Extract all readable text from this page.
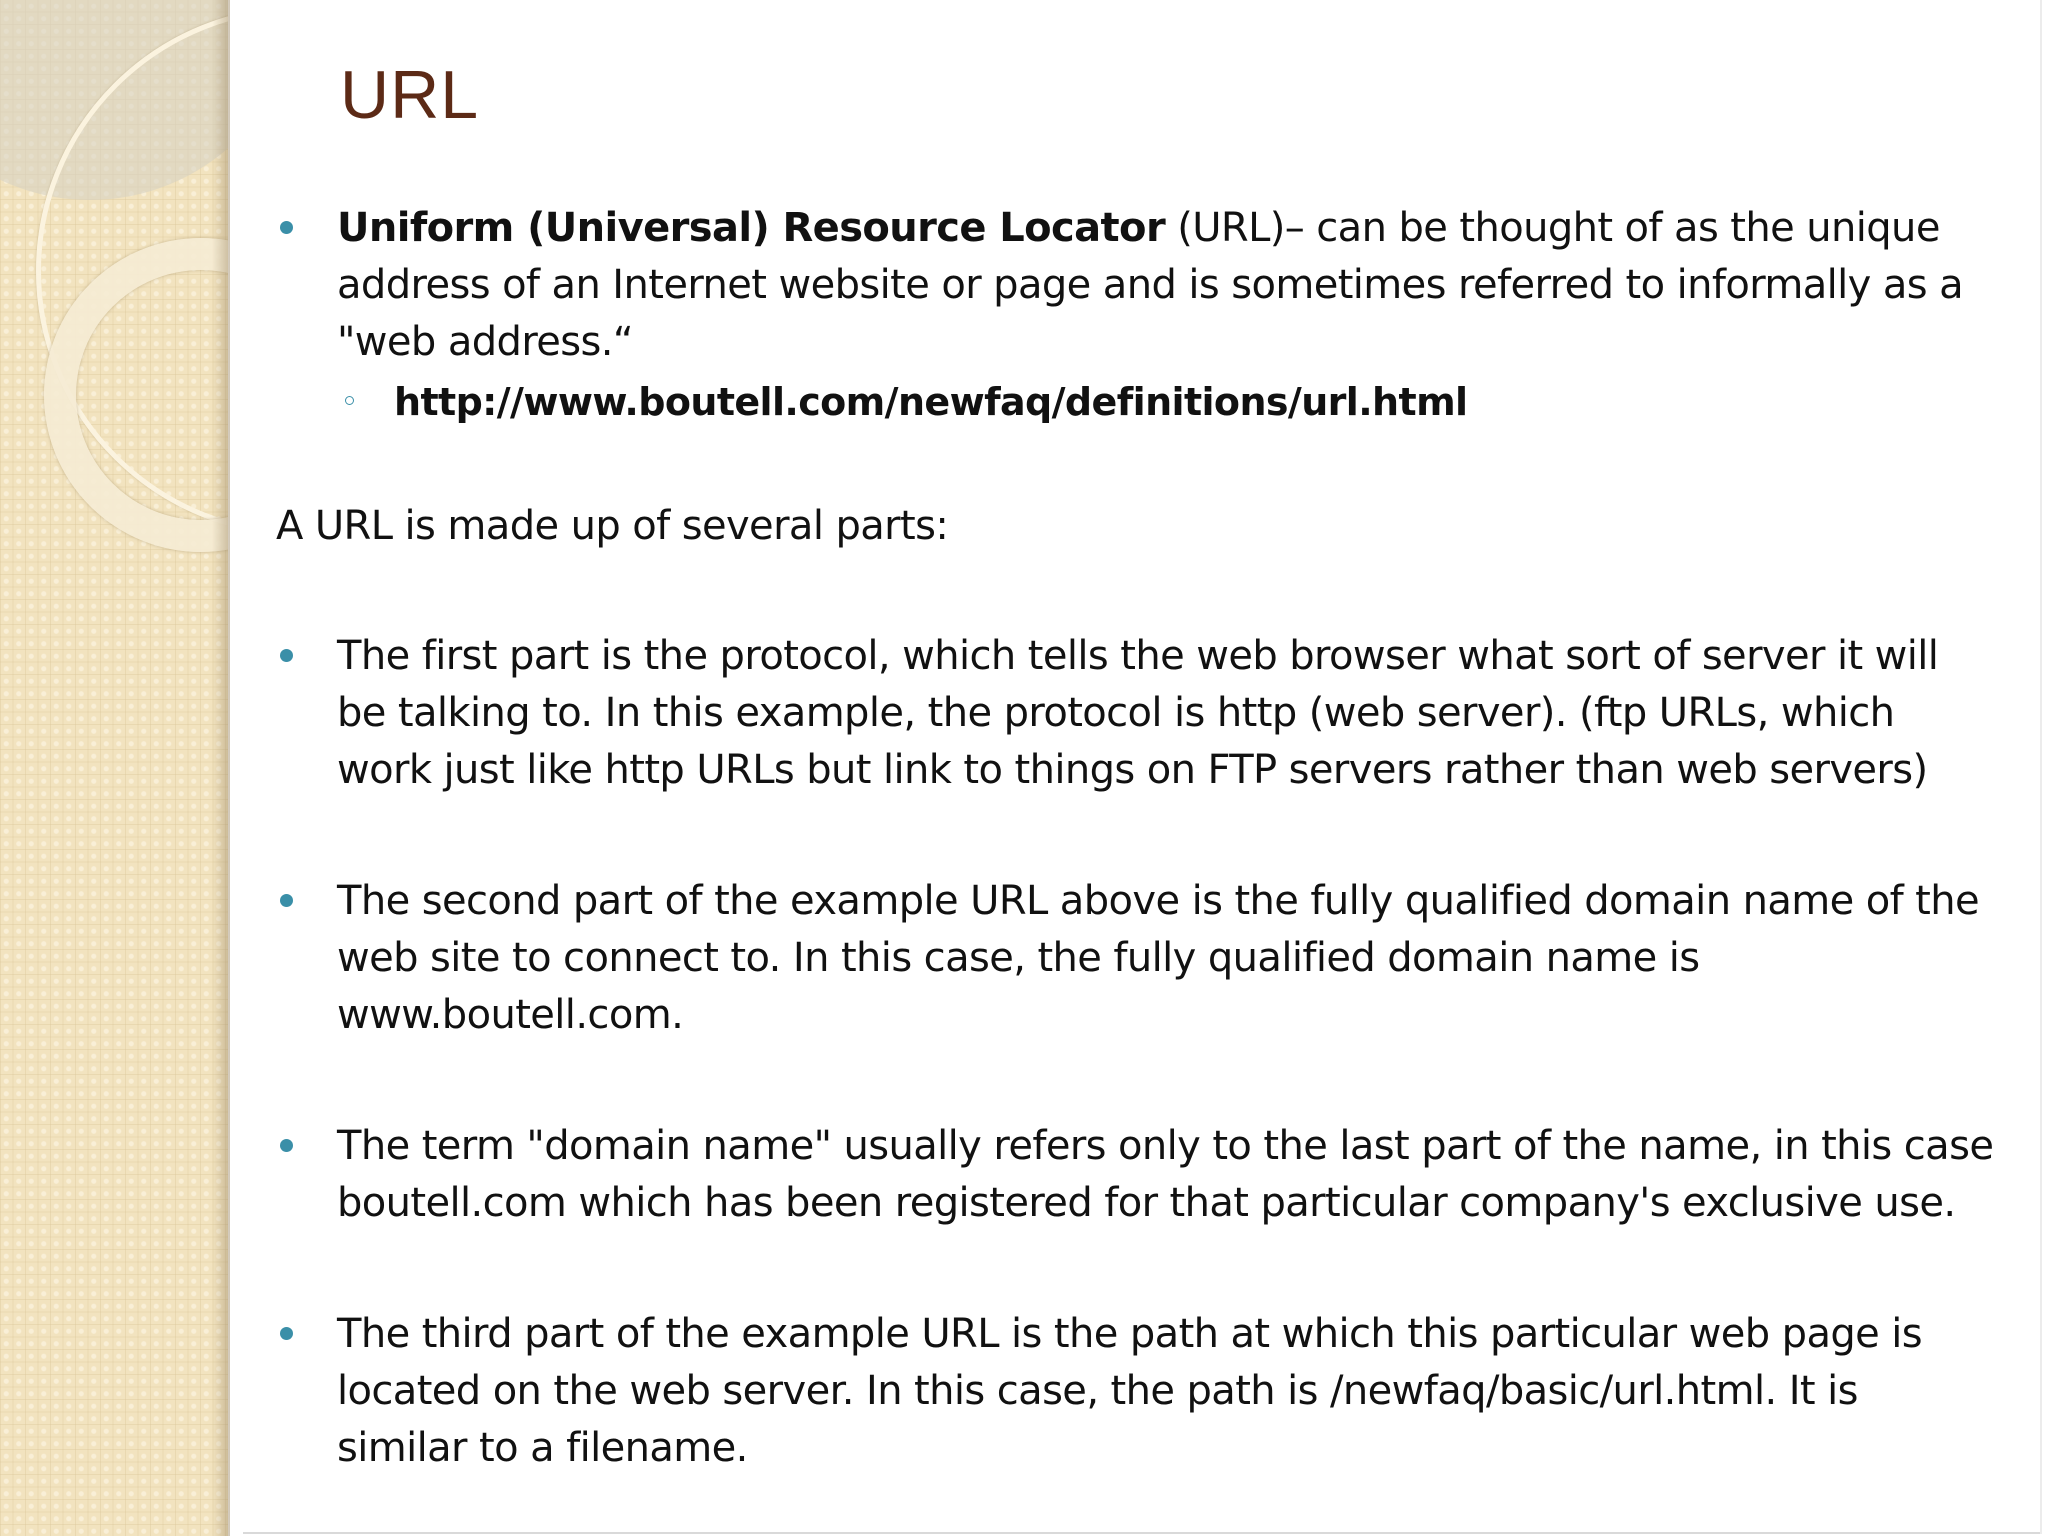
URL
Uniform (Universal) Resource Locator (URL)– can be thought of as the unique address of an Internet website or page and is sometimes referred to informally as a "web address.“
http://www.boutell.com/newfaq/definitions/url.html
A URL is made up of several parts:
The first part is the protocol, which tells the web browser what sort of server it will be talking to. In this example, the protocol is http (web server). (ftp URLs, which work just like http URLs but link to things on FTP servers rather than web servers)
The second part of the example URL above is the fully qualified domain name of the web site to connect to. In this case, the fully qualified domain name is www.boutell.com.
The term "domain name" usually refers only to the last part of the name, in this case boutell.com which has been registered for that particular company's exclusive use.
The third part of the example URL is the path at which this particular web page is located on the web server. In this case, the path is /newfaq/basic/url.html. It is similar to a filename.
